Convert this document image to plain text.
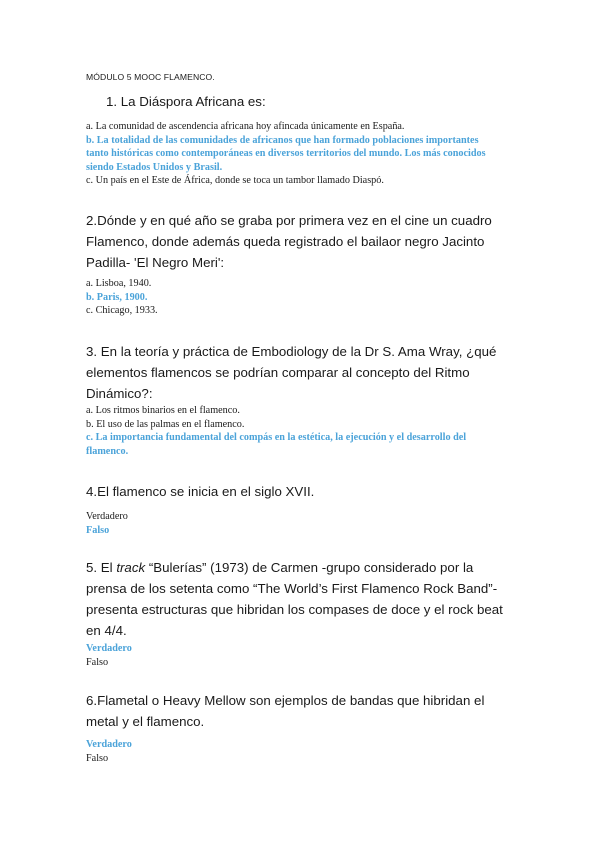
MÓDULO 5 MOOC FLAMENCO.
1. La Diáspora Africana es:
a. La comunidad de ascendencia africana hoy afincada únicamente en España.
b. La totalidad de las comunidades de africanos que han formado poblaciones importantes tanto históricas como contemporáneas en diversos territorios del mundo. Los más conocidos siendo Estados Unidos y Brasil.
c. Un país en el Este de África, donde se toca un tambor llamado Diaspó.
2.Dónde y en qué año se graba por primera vez en el cine un cuadro Flamenco, donde además queda registrado el bailaor negro Jacinto Padilla- 'El Negro Meri':
a. Lisboa, 1940.
b. Paris, 1900.
c. Chicago, 1933.
3. En la teoría y práctica de Embodiology de la Dr S. Ama Wray, ¿qué elementos flamencos se podrían comparar al concepto del Ritmo Dinámico?:
a. Los ritmos binarios en el flamenco.
b. El uso de las palmas en el flamenco.
c. La importancia fundamental del compás en la estética, la ejecución y el desarrollo del flamenco.
4.El flamenco se inicia en el siglo XVII.
Verdadero
Falso
5. El track “Bulerías” (1973) de Carmen -grupo considerado por la prensa de los setenta como “The World’s First Flamenco Rock Band”- presenta estructuras que hibridan los compases de doce y el rock beat en 4/4.
Verdadero
Falso
6.Flametal o Heavy Mellow son ejemplos de bandas que hibridan el metal y el flamenco.
Verdadero
Falso
